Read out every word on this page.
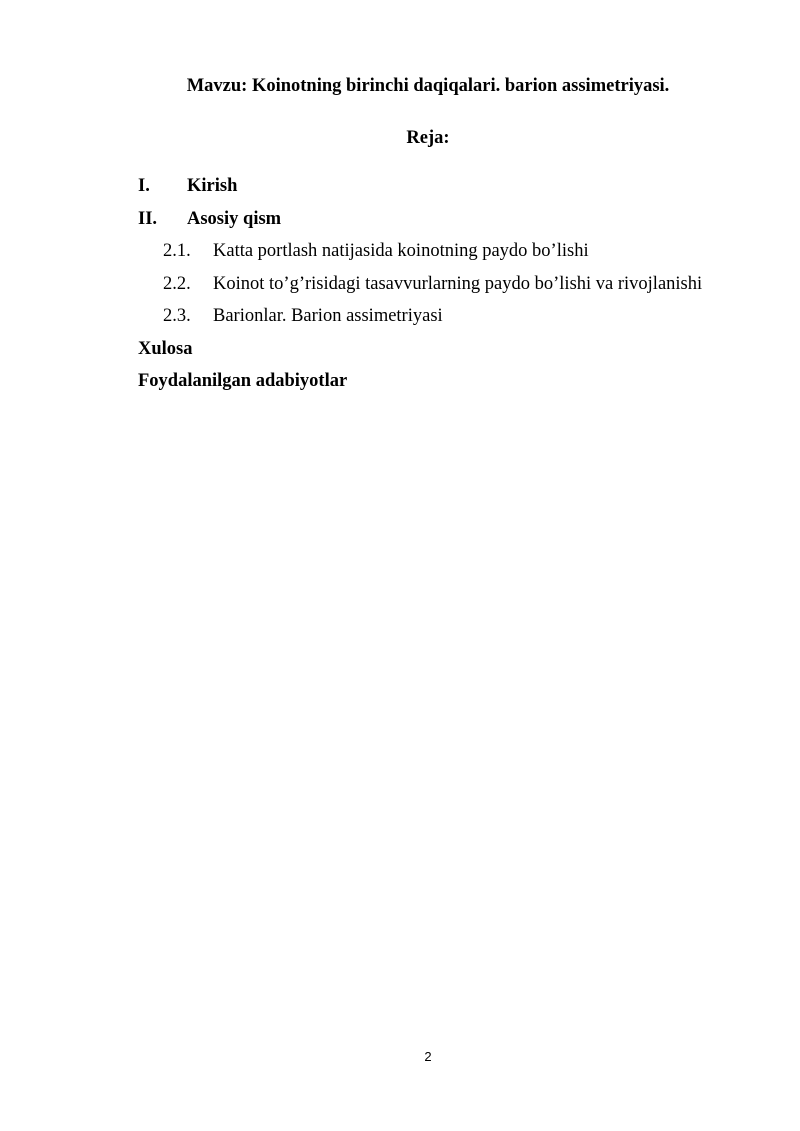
Mavzu: Koinotning birinchi daqiqalari. barion assimetriyasi.
Reja:
I. Kirish
II. Asosiy qism
2.1. Katta portlash natijasida koinotning paydo bo’lishi
2.2. Koinot to’g’risidagi tasavvurlarning paydo bo’lishi va rivojlanishi
2.3. Barionlar. Barion assimetriyasi
Xulosa
Foydalanilgan adabiyotlar
2
